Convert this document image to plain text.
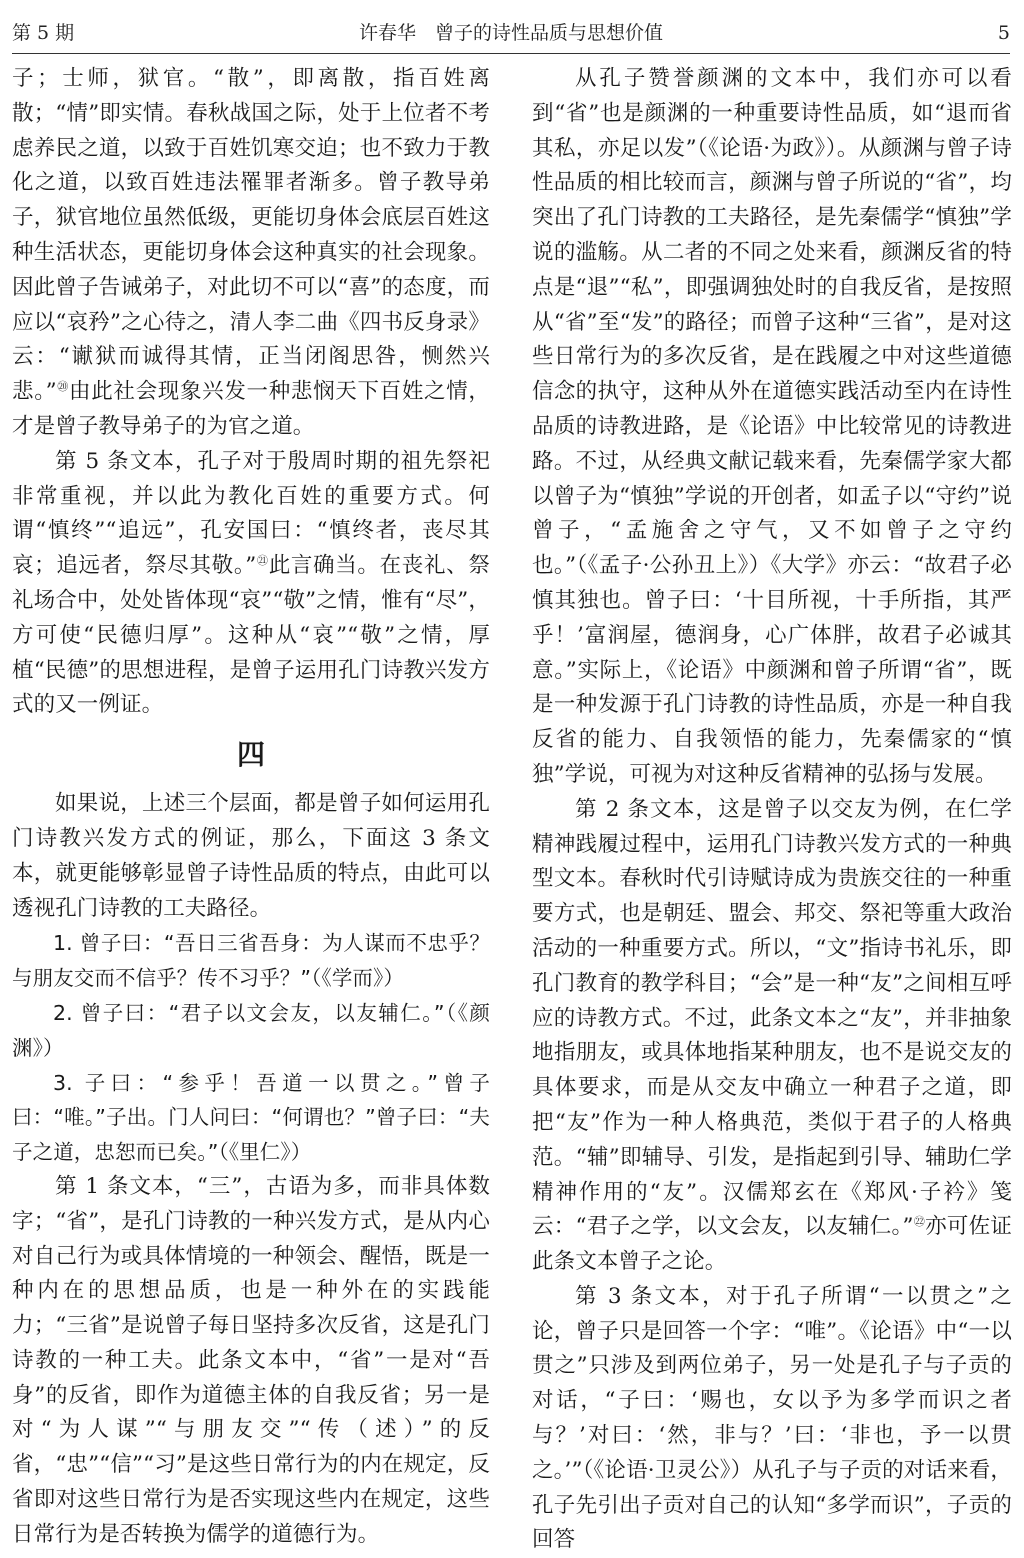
第 5 期	许春华　曾子的诗性品质与思想价值	5

子；士师，狱官。“散”，即离散，指百姓离散；“情”即实情。春秋战国之际，处于上位者不考虑养民之道，以致于百姓饥寒交迫；也不致力于教化之道，以致百姓违法罹罪者渐多。曾子教导弟子，狱官地位虽然低级，更能切身体会底层百姓这种生活状态，更能切身体会这种真实的社会现象。因此曾子告诫弟子，对此切不可以“喜”的态度，而应以“哀矜”之心待之，清人李二曲《四书反身录》云：“谳狱而诚得其情，正当闭阁思咎，恻然兴悲。”⑳由此社会现象兴发一种悲悯天下百姓之情，才是曾子教导弟子的为官之道。

第 5 条文本，孔子对于殷周时期的祖先祭祀非常重视，并以此为教化百姓的重要方式。何谓“慎终”“追远”，孔安国曰：“慎终者，丧尽其哀；追远者，祭尽其敬。”$^㉑$此言确当。在丧礼、祭礼场合中，处处皆体现“哀”“敬”之情，惟有“尽”，方可使“民德归厚”。这种从“哀”“敬”之情，厚植“民德”的思想进程，是曾子运用孔门诗教兴发方式的又一例证。

四

如果说，上述三个层面，都是曾子如何运用孔门诗教兴发方式的例证，那么，下面这 3 条文本，就更能够彰显曾子诗性品质的特点，由此可以透视孔门诗教的工夫路径。

1. 曾子曰：“吾日三省吾身：为人谋而不忠乎？与朋友交而不信乎？传不习乎？”（《学而》）

2. 曾子曰：“君子以文会友，以友辅仁。”（《颜渊》）

3. 子曰：“参乎！吾道一以贯之。”曾子曰：“唯。”子出。门人问曰：“何谓也？”曾子曰：“夫子之道，忠恕而已矣。”（《里仁》）

第 1 条文本，“三”，古语为多，而非具体数字；“省”，是孔门诗教的一种兴发方式，是从内心对自己行为或具体情境的一种领会、醒悟，既是一种内在的思想品质，也是一种外在的实践能力；“三省”是说曾子每日坚持多次反省，这是孔门诗教的一种工夫。此条文本中，“省”一是对“吾身”的反省，即作为道德主体的自我反省；另一是对“为人谋”“与朋友交”“传（述）”的反省，“忠”“信”“习”是这些日常行为的内在规定，反省即对这些日常行为是否实现这些内在规定，这些日常行为是否转换为儒学的道德行为。

从孔子赞誉颜渊的文本中，我们亦可以看到“省”也是颜渊的一种重要诗性品质，如“退而省其私，亦足以发”（《论语·为政》）。从颜渊与曾子诗性品质的相比较而言，颜渊与曾子所说的“省”，均突出了孔门诗教的工夫路径，是先秦儒学“慎独”学说的滥觞。从二者的不同之处来看，颜渊反省的特点是“退”“私”，即强调独处时的自我反省，是按照从“省”至“发”的路径；而曾子这种“三省”，是对这些日常行为的多次反省，是在践履之中对这些道德信念的执守，这种从外在道德实践活动至内在诗性品质的诗教进路，是《论语》中比较常见的诗教进路。不过，从经典文献记载来看，先秦儒学家大都以曾子为“慎独”学说的开创者，如孟子以“守约”说曾子，“孟施舍之守气，又不如曾子之守约也。”（《孟子·公孙丑上》）《大学》亦云：“故君子必慎其独也。曾子曰：‘十目所视，十手所指，其严乎！’富润屋，德润身，心广体胖，故君子必诚其意。”实际上，《论语》中颜渊和曾子所谓“省”，既是一种发源于孔门诗教的诗性品质，亦是一种自我反省的能力、自我领悟的能力，先秦儒家的“慎独”学说，可视为对这种反省精神的弘扬与发展。

第 2 条文本，这是曾子以交友为例，在仁学精神践履过程中，运用孔门诗教兴发方式的一种典型文本。春秋时代引诗赋诗成为贵族交往的一种重要方式，也是朝廷、盟会、邦交、祭祀等重大政治活动的一种重要方式。所以，“文”指诗书礼乐，即孔门教育的教学科目；“会”是一种“友”之间相互呼应的诗教方式。不过，此条文本之“友”，并非抽象地指朋友，或具体地指某种朋友，也不是说交友的具体要求，而是从交友中确立一种君子之道，即把“友”作为一种人格典范，类似于君子的人格典范。“辅”即辅导、引发，是指起到引导、辅助仁学精神作用的“友”。汉儒郑玄在《郑风·子衿》笺云：“君子之学，以文会友，以友辅仁。”$^㉒$亦可佐证此条文本曾子之论。

第 3 条文本，对于孔子所谓“一以贯之”之论，曾子只是回答一个字：“唯”。《论语》中“一以贯之”只涉及到两位弟子，另一处是孔子与子贡的对话，“子曰：‘赐也，女以予为多学而识之者与？’对曰：‘然，非与？’曰：‘非也，予一以贯之。’”（《论语·卫灵公》）从孔子与子贡的对话来看，孔子先引出子贡对自己的认知“多学而识”，子贡的回答
